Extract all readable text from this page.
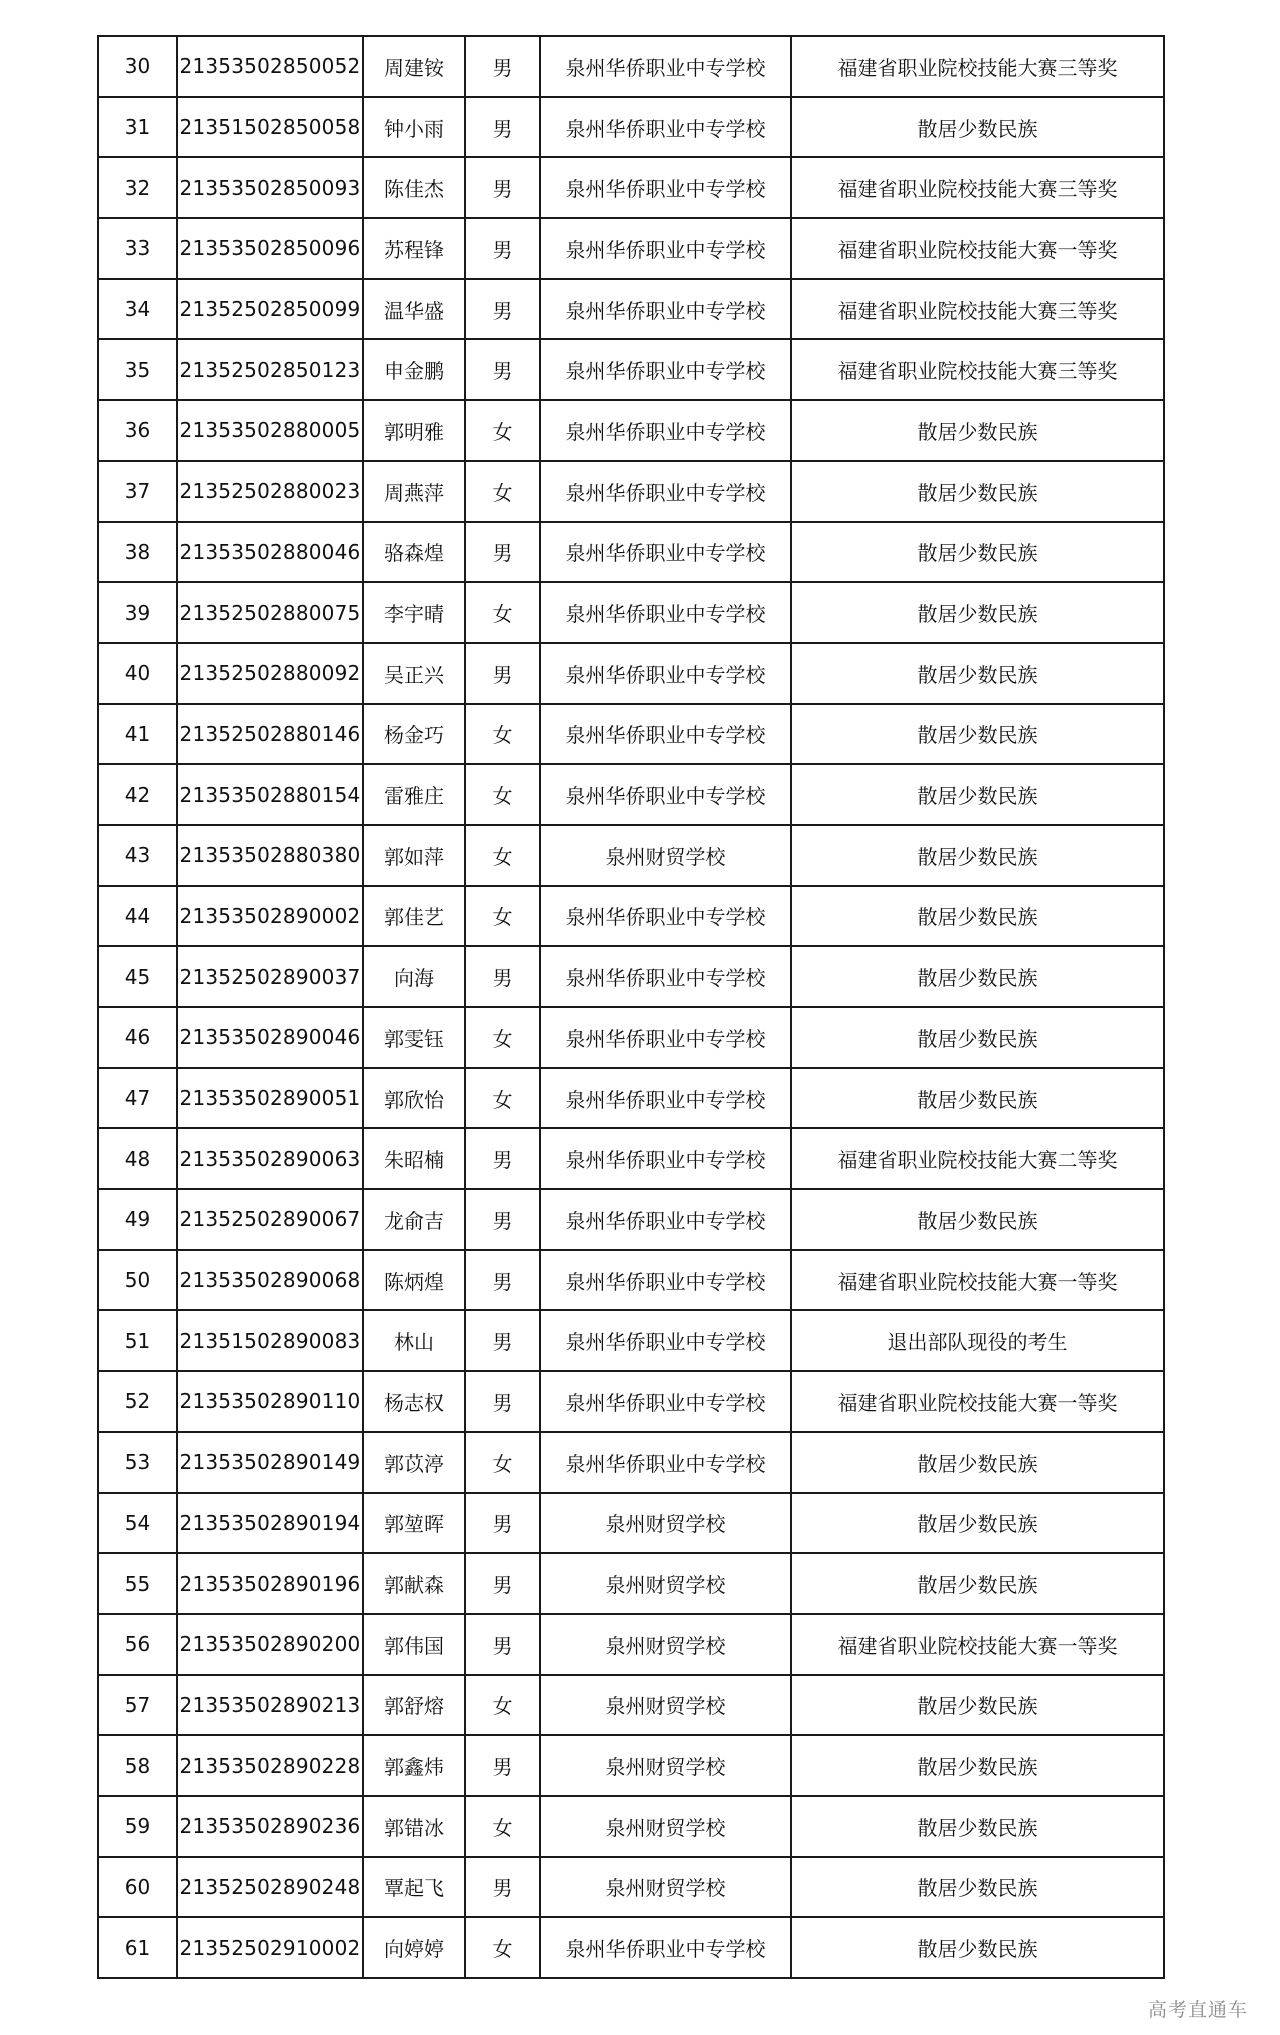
30	21353502850052	周建铵	男	泉州华侨职业中专学校	福建省职业院校技能大赛三等奖
31	21351502850058	钟小雨	男	泉州华侨职业中专学校	散居少数民族
32	21353502850093	陈佳杰	男	泉州华侨职业中专学校	福建省职业院校技能大赛三等奖
33	21353502850096	苏程锋	男	泉州华侨职业中专学校	福建省职业院校技能大赛一等奖
34	21352502850099	温华盛	男	泉州华侨职业中专学校	福建省职业院校技能大赛三等奖
35	21352502850123	申金鹏	男	泉州华侨职业中专学校	福建省职业院校技能大赛三等奖
36	21353502880005	郭明雅	女	泉州华侨职业中专学校	散居少数民族
37	21352502880023	周燕萍	女	泉州华侨职业中专学校	散居少数民族
38	21353502880046	骆森煌	男	泉州华侨职业中专学校	散居少数民族
39	21352502880075	李宇晴	女	泉州华侨职业中专学校	散居少数民族
40	21352502880092	吴正兴	男	泉州华侨职业中专学校	散居少数民族
41	21352502880146	杨金巧	女	泉州华侨职业中专学校	散居少数民族
42	21353502880154	雷雅庄	女	泉州华侨职业中专学校	散居少数民族
43	21353502880380	郭如萍	女	泉州财贸学校	散居少数民族
44	21353502890002	郭佳艺	女	泉州华侨职业中专学校	散居少数民族
45	21352502890037	向海	男	泉州华侨职业中专学校	散居少数民族
46	21353502890046	郭雯钰	女	泉州华侨职业中专学校	散居少数民族
47	21353502890051	郭欣怡	女	泉州华侨职业中专学校	散居少数民族
48	21353502890063	朱昭楠	男	泉州华侨职业中专学校	福建省职业院校技能大赛二等奖
49	21352502890067	龙俞吉	男	泉州华侨职业中专学校	散居少数民族
50	21353502890068	陈炳煌	男	泉州华侨职业中专学校	福建省职业院校技能大赛一等奖
51	21351502890083	林山	男	泉州华侨职业中专学校	退出部队现役的考生
52	21353502890110	杨志权	男	泉州华侨职业中专学校	福建省职业院校技能大赛一等奖
53	21353502890149	郭苡渟	女	泉州华侨职业中专学校	散居少数民族
54	21353502890194	郭堃晖	男	泉州财贸学校	散居少数民族
55	21353502890196	郭献森	男	泉州财贸学校	散居少数民族
56	21353502890200	郭伟国	男	泉州财贸学校	福建省职业院校技能大赛一等奖
57	21353502890213	郭舒熔	女	泉州财贸学校	散居少数民族
58	21353502890228	郭鑫炜	男	泉州财贸学校	散居少数民族
59	21353502890236	郭错冰	女	泉州财贸学校	散居少数民族
60	21352502890248	覃起飞	男	泉州财贸学校	散居少数民族
61	21352502910002	向婷婷	女	泉州华侨职业中专学校	散居少数民族
高考直通车
